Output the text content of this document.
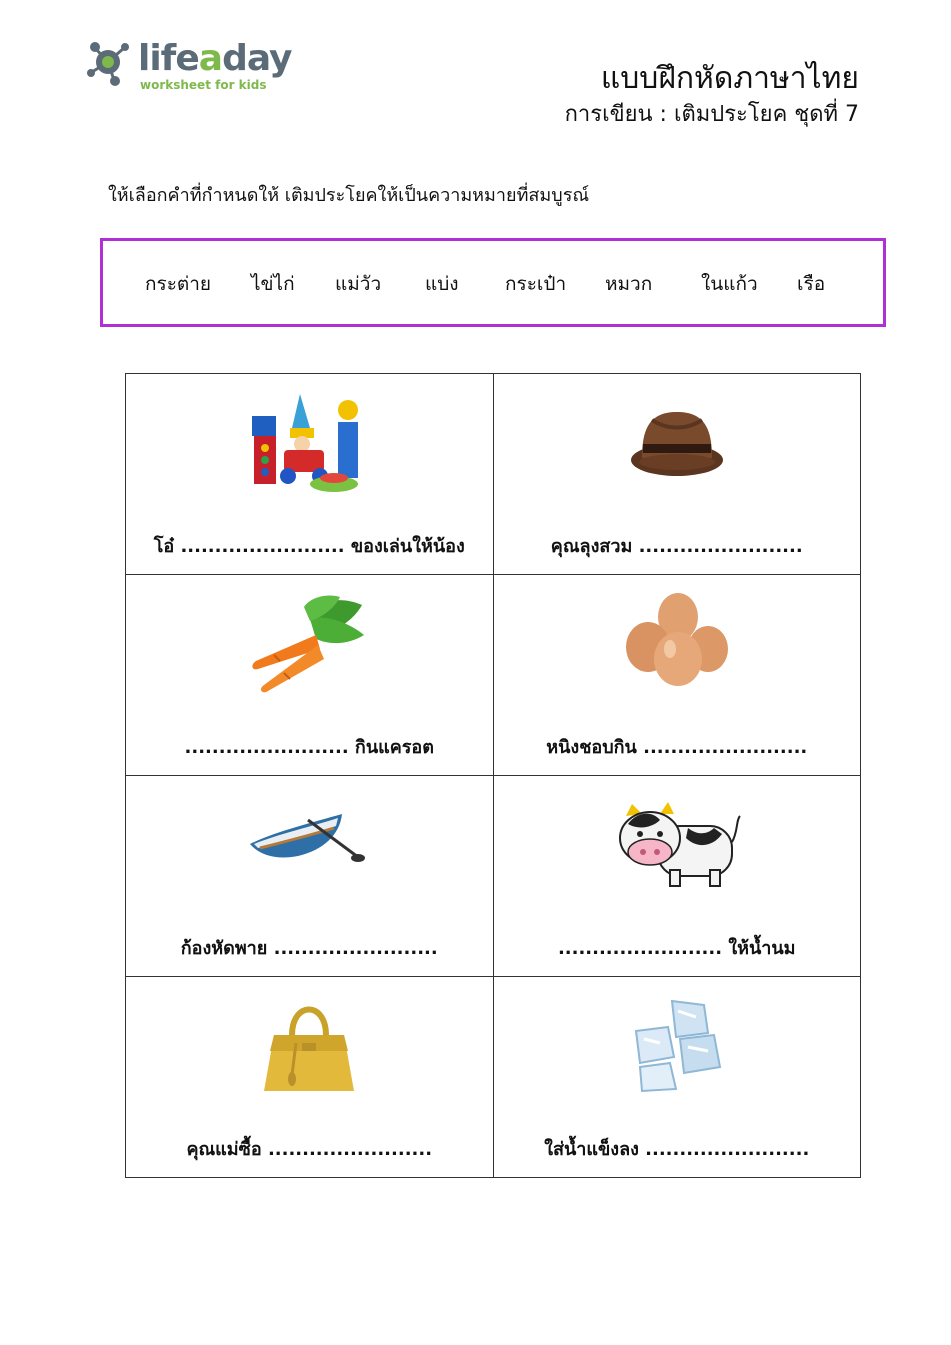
lifeaday
worksheet for kids	แบบฝึกหัดภาษาไทย
การเขียน : เติมประโยค ชุดที่ 7
ให้เลือกคำที่กำหนดให้ เติมประโยคให้เป็นความหมายที่สมบูรณ์
กระต่าย ไข่ไก่ แม่วัว แบ่ง กระเป๋า หมวก	ในแก้ว เรือ
โอ๋ ........................ ของเล่นให้น้อง	คุณลุงสวม ........................

........................ กินแครอต	หนิงชอบกิน ........................

ก้องหัดพาย ........................	........................ ให้น้ำนม

คุณแม่ซื้อ ........................	ใส่น้ำแข็งลง ........................
